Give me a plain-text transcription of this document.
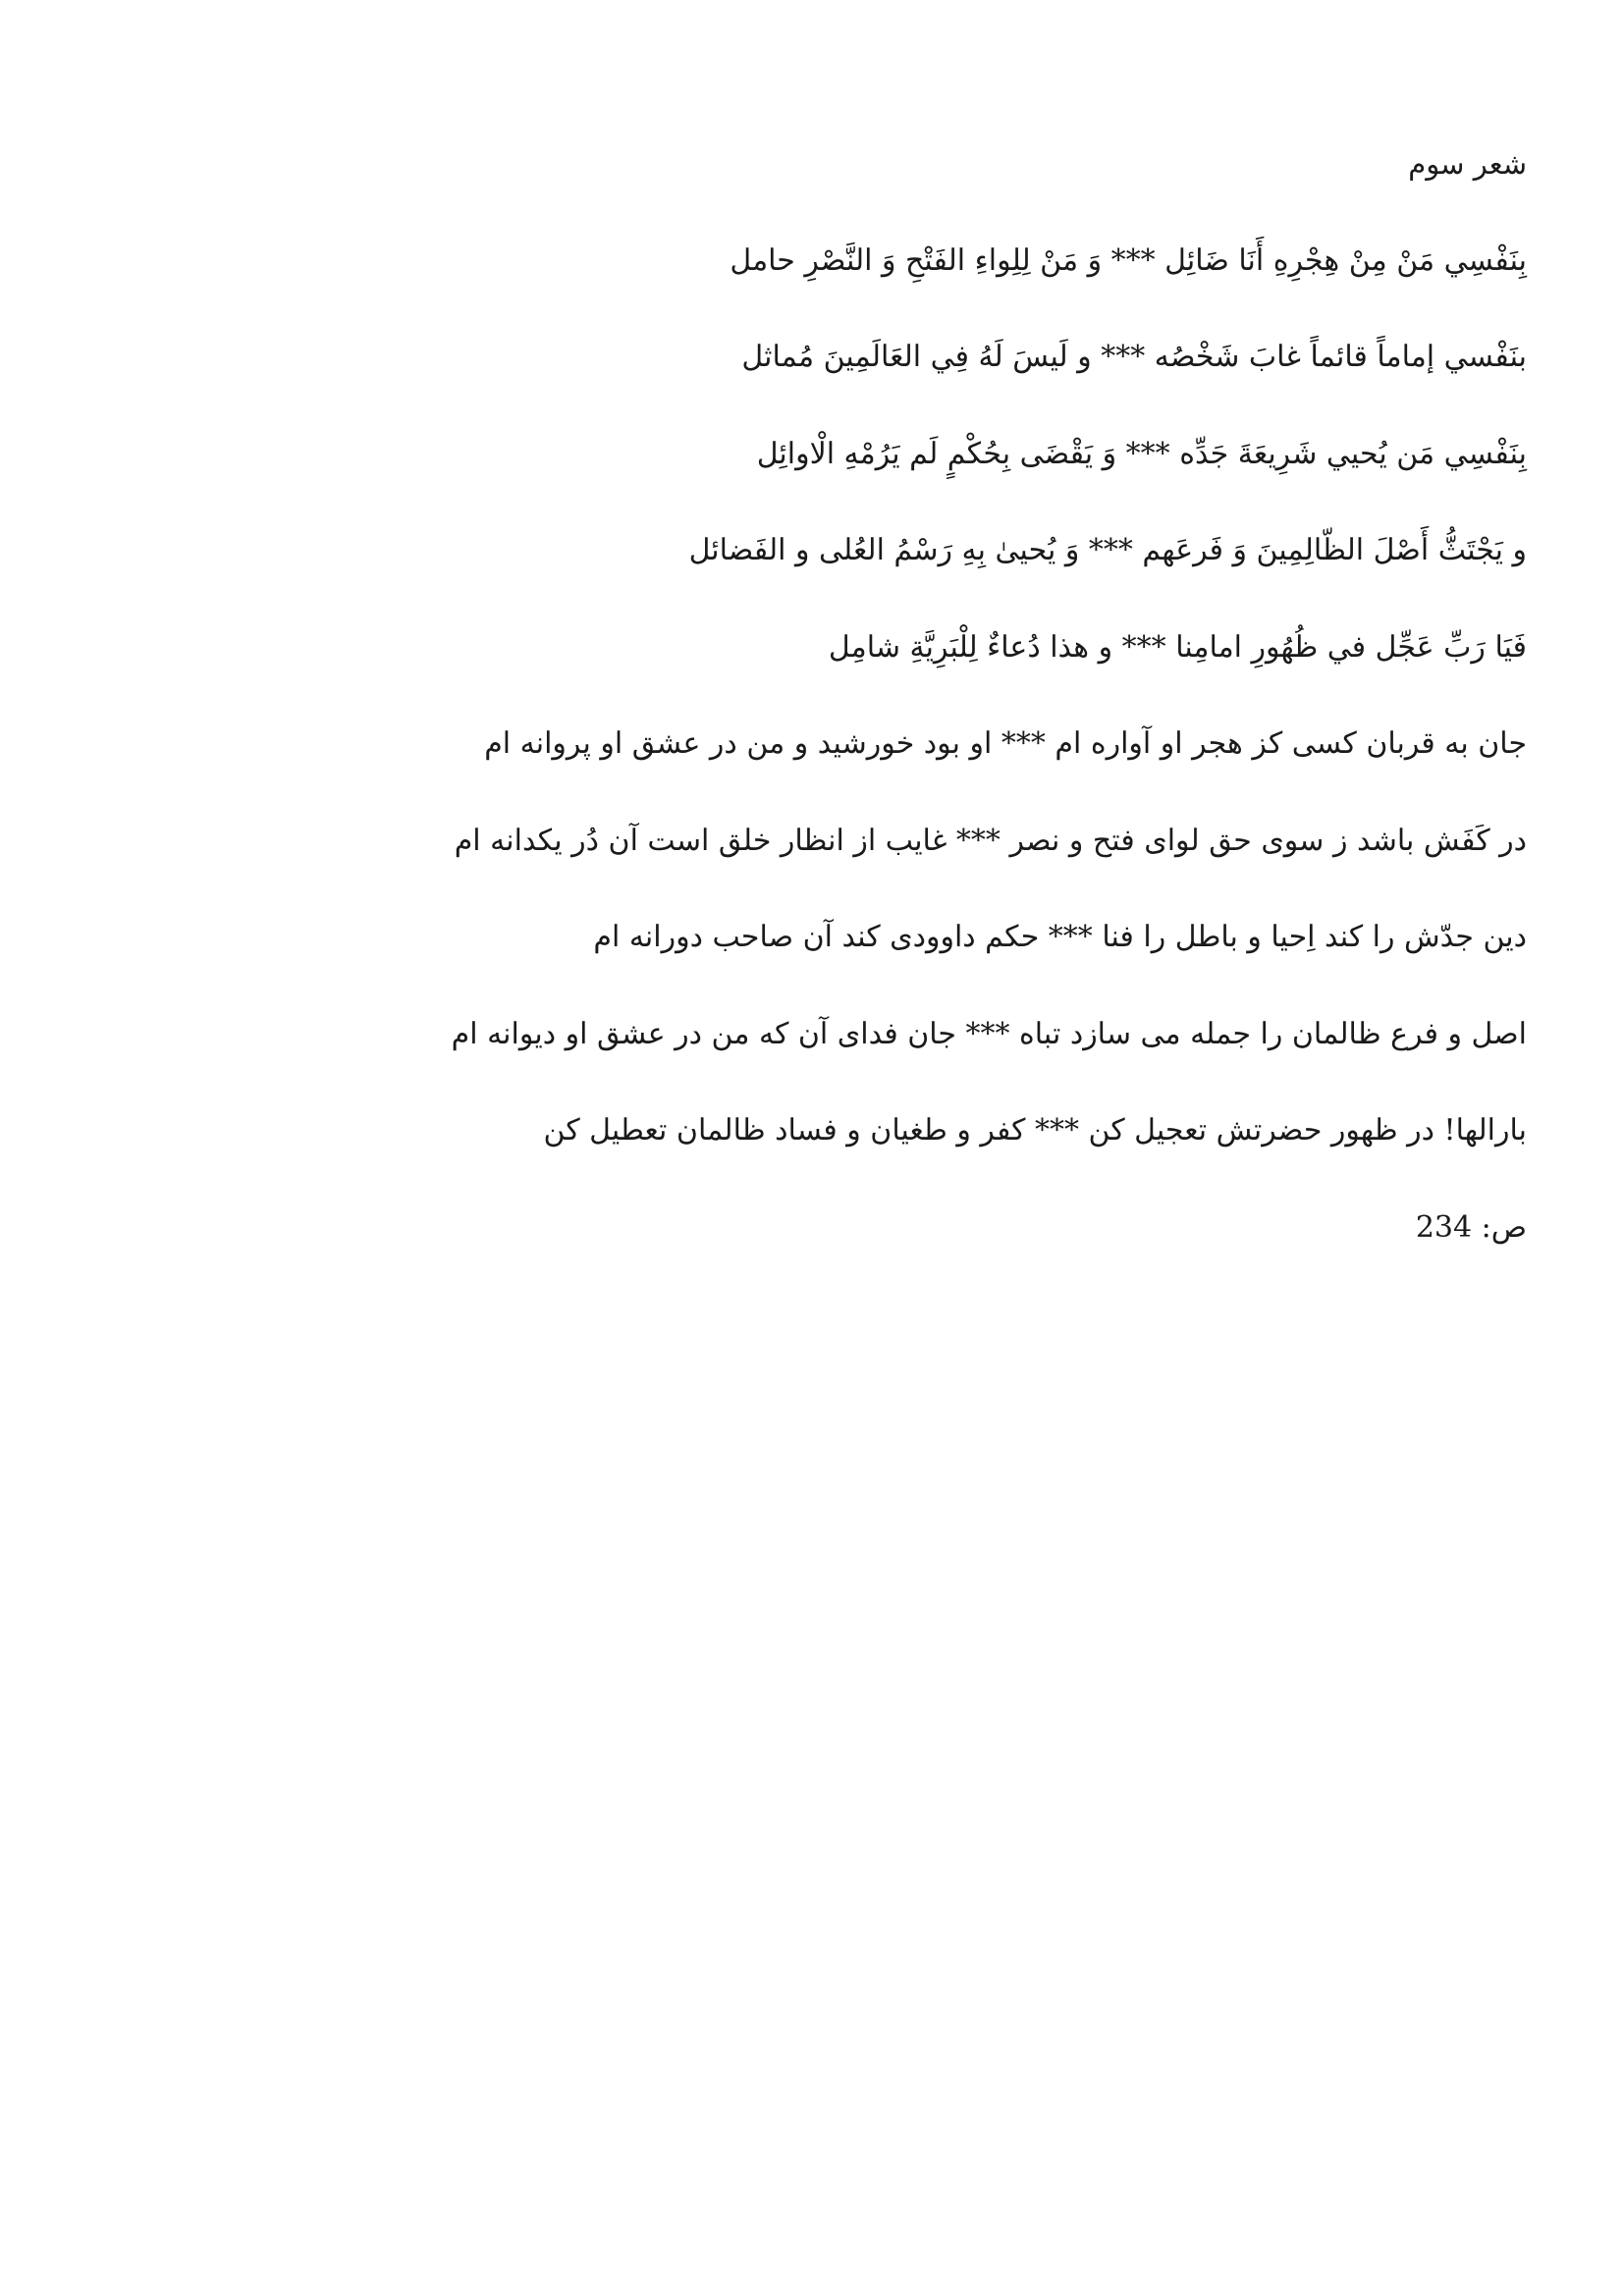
شعر سوم
بِنَفْسِي مَنْ مِنْ هِجْرِهِ أَنَا ضَائِل *** وَ مَنْ لِلِواءِ الفَتْحِ وَ النَّصْرِ حامل
بنَفْسي إماماً قائماً غابَ شَخْصُه *** و لَيسَ لَهُ فِي العَالَمِينَ مُماثل
بِنَفْسِي مَن يُحيي شَرِيعَةَ جَدِّه *** وَ يَقْضَى بِحُكْمٍ لَم يَرُمْهِ الْاوائِل
و يَجْتَثُّ أَصْلَ الظّالِمِينَ وَ فَرعَهم *** وَ يُحيىٰ بِهِ رَسْمُ العُلى و الفَضائل
فَيَا رَبِّ عَجِّل في ظُهُورِ امامِنا *** و هذا دُعاءٌ لِلْبَرِيَّةِ شامِل
جان به قربان کسی کز هجر او آواره ام *** او بود خورشید و من در عشق او پروانه ام
در کَفَش باشد ز سوی حق لوای فتح و نصر *** غایب از انظار خلق است آن دُر یکدانه ام
دین جدّش را کند اِحیا و باطل را فنا *** حکم داوودی کند آن صاحب دورانه ام
اصل و فرع ظالمان را جمله می سازد تباه *** جان فدای آن که من در عشق او دیوانه ام
بارالها! در ظهور حضرتش تعجیل کن *** کفر و طغیان و فساد ظالمان تعطیل کن
ص: 234
